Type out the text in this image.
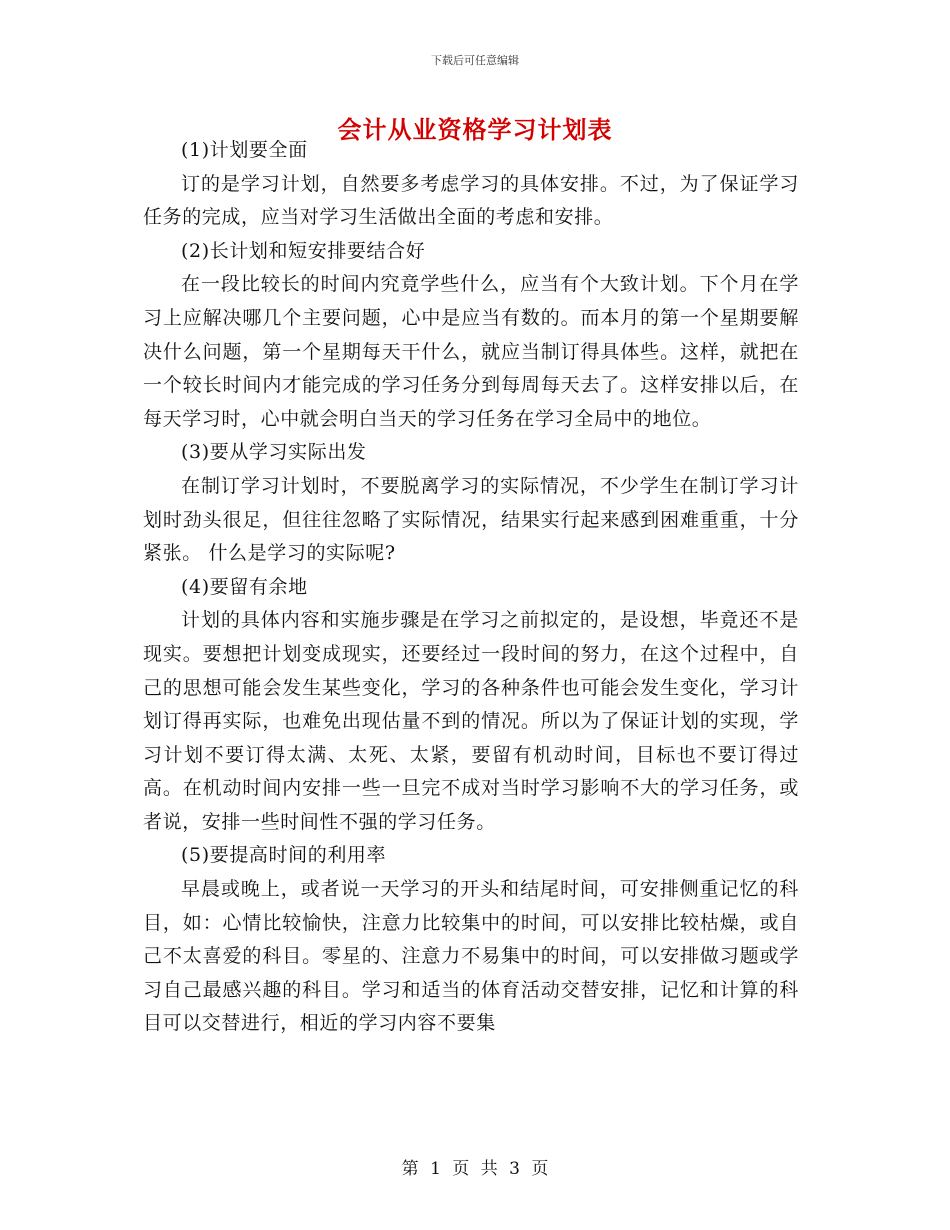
下载后可任意编辑
会计从业资格学习计划表

(1)计划要全面

订的是学习计划，自然要多考虑学习的具体安排。不过，为了保证学习任务的完成，应当对学习生活做出全面的考虑和安排。

(2)长计划和短安排要结合好

在一段比较长的时间内究竟学些什么，应当有个大致计划。下个月在学习上应解决哪几个主要问题，心中是应当有数的。而本月的第一个星期要解决什么问题，第一个星期每天干什么，就应当制订得具体些。这样，就把在一个较长时间内才能完成的学习任务分到每周每天去了。这样安排以后，在每天学习时，心中就会明白当天的学习任务在学习全局中的地位。

(3)要从学习实际出发

在制订学习计划时，不要脱离学习的实际情况，不少学生在制订学习计划时劲头很足，但往往忽略了实际情况，结果实行起来感到困难重重，十分紧张。 什么是学习的实际呢?

(4)要留有余地

计划的具体内容和实施步骤是在学习之前拟定的，是设想，毕竟还不是现实。要想把计划变成现实，还要经过一段时间的努力，在这个过程中，自己的思想可能会发生某些变化，学习的各种条件也可能会发生变化，学习计划订得再实际，也难免出现估量不到的情况。所以为了保证计划的实现，学习计划不要订得太满、太死、太紧，要留有机动时间，目标也不要订得过高。在机动时间内安排一些一旦完不成对当时学习影响不大的学习任务，或者说，安排一些时间性不强的学习任务。

(5)要提高时间的利用率

早晨或晚上，或者说一天学习的开头和结尾时间，可安排侧重记忆的科目，如：心情比较愉快，注意力比较集中的时间，可以安排比较枯燥，或自己不太喜爱的科目。零星的、注意力不易集中的时间，可以安排做习题或学习自己最感兴趣的科目。学习和适当的体育活动交替安排，记忆和计算的科目可以交替进行，相近的学习内容不要集

第 1 页 共 3 页
